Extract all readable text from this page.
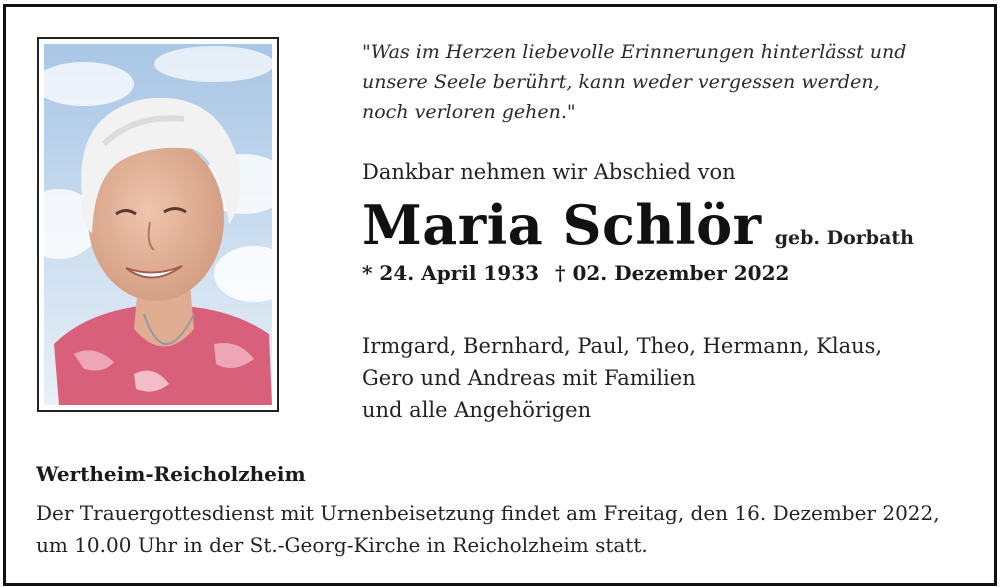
"Was im Herzen liebevolle Erinnerungen hinterlässt und
unsere Seele berührt, kann weder vergessen werden,
noch verloren gehen."
Dankbar nehmen wir Abschied von
Maria Schlör geb. Dorbath
* 24. April 1933 † 02. Dezember 2022
Irmgard, Bernhard, Paul, Theo, Hermann, Klaus,
Gero und Andreas mit Familien
und alle Angehörigen
Wertheim-Reicholzheim
Der Trauergottesdienst mit Urnenbeisetzung findet am Freitag, den 16. Dezember 2022,
um 10.00 Uhr in der St.-Georg-Kirche in Reicholzheim statt.
